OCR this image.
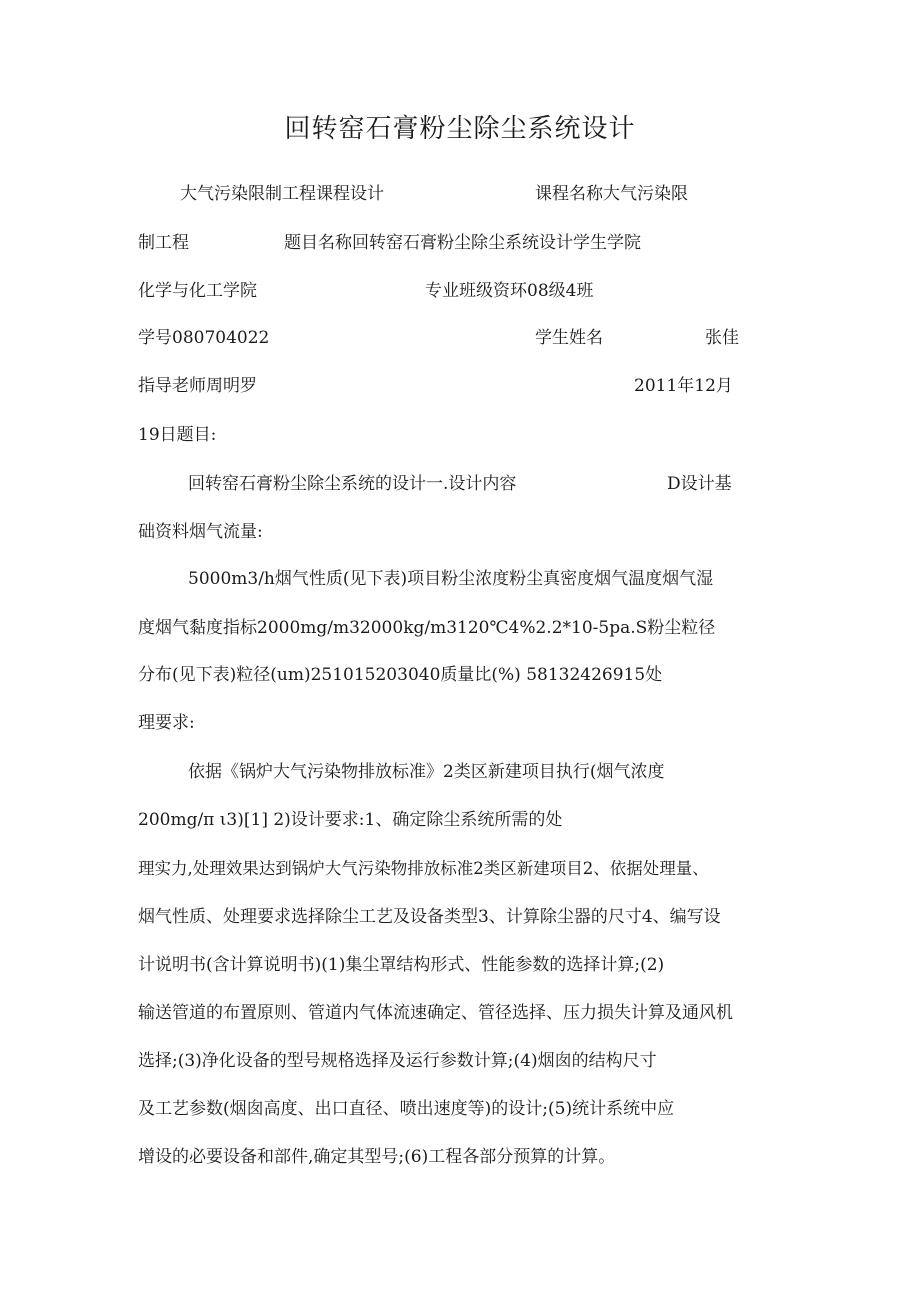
回转窑石膏粉尘除尘系统设计
大气污染限制工程课程设计	课程名称大气污染限
制工程	题目名称回转窑石膏粉尘除尘系统设计学生学院
化学与化工学院	专业班级资环08级4班
学号080704022	学生姓名	张佳
指导老师周明罗	2011年12月
19日题目:
回转窑石膏粉尘除尘系统的设计一.设计内容	D设计基
础资料烟气流量:
5000m3/h烟气性质(见下表)项目粉尘浓度粉尘真密度烟气温度烟气湿
度烟气黏度指标2000mg/m32000kg/m3120℃4%2.2*10-5pa.S粉尘粒径
分布(见下表)粒径(um)251015203040质量比(%) 58132426915处
理要求:
依据《锅炉大气污染物排放标准》2类区新建项目执行(烟气浓度
200mg/π ι3)[1] 2)设计要求:1、确定除尘系统所需的处
理实力,处理效果达到锅炉大气污染物排放标准2类区新建项目2、依据处理量、
烟气性质、处理要求选择除尘工艺及设备类型3、计算除尘器的尺寸4、编写设
计说明书(含计算说明书)(1)集尘罩结构形式、性能参数的选择计算;(2)
输送管道的布置原则、管道内气体流速确定、管径选择、压力损失计算及通风机
选择;(3)净化设备的型号规格选择及运行参数计算;(4)烟囱的结构尺寸
及工艺参数(烟囱高度、出口直径、喷出速度等)的设计;(5)统计系统中应
增设的必要设备和部件,确定其型号;(6)工程各部分预算的计算。
